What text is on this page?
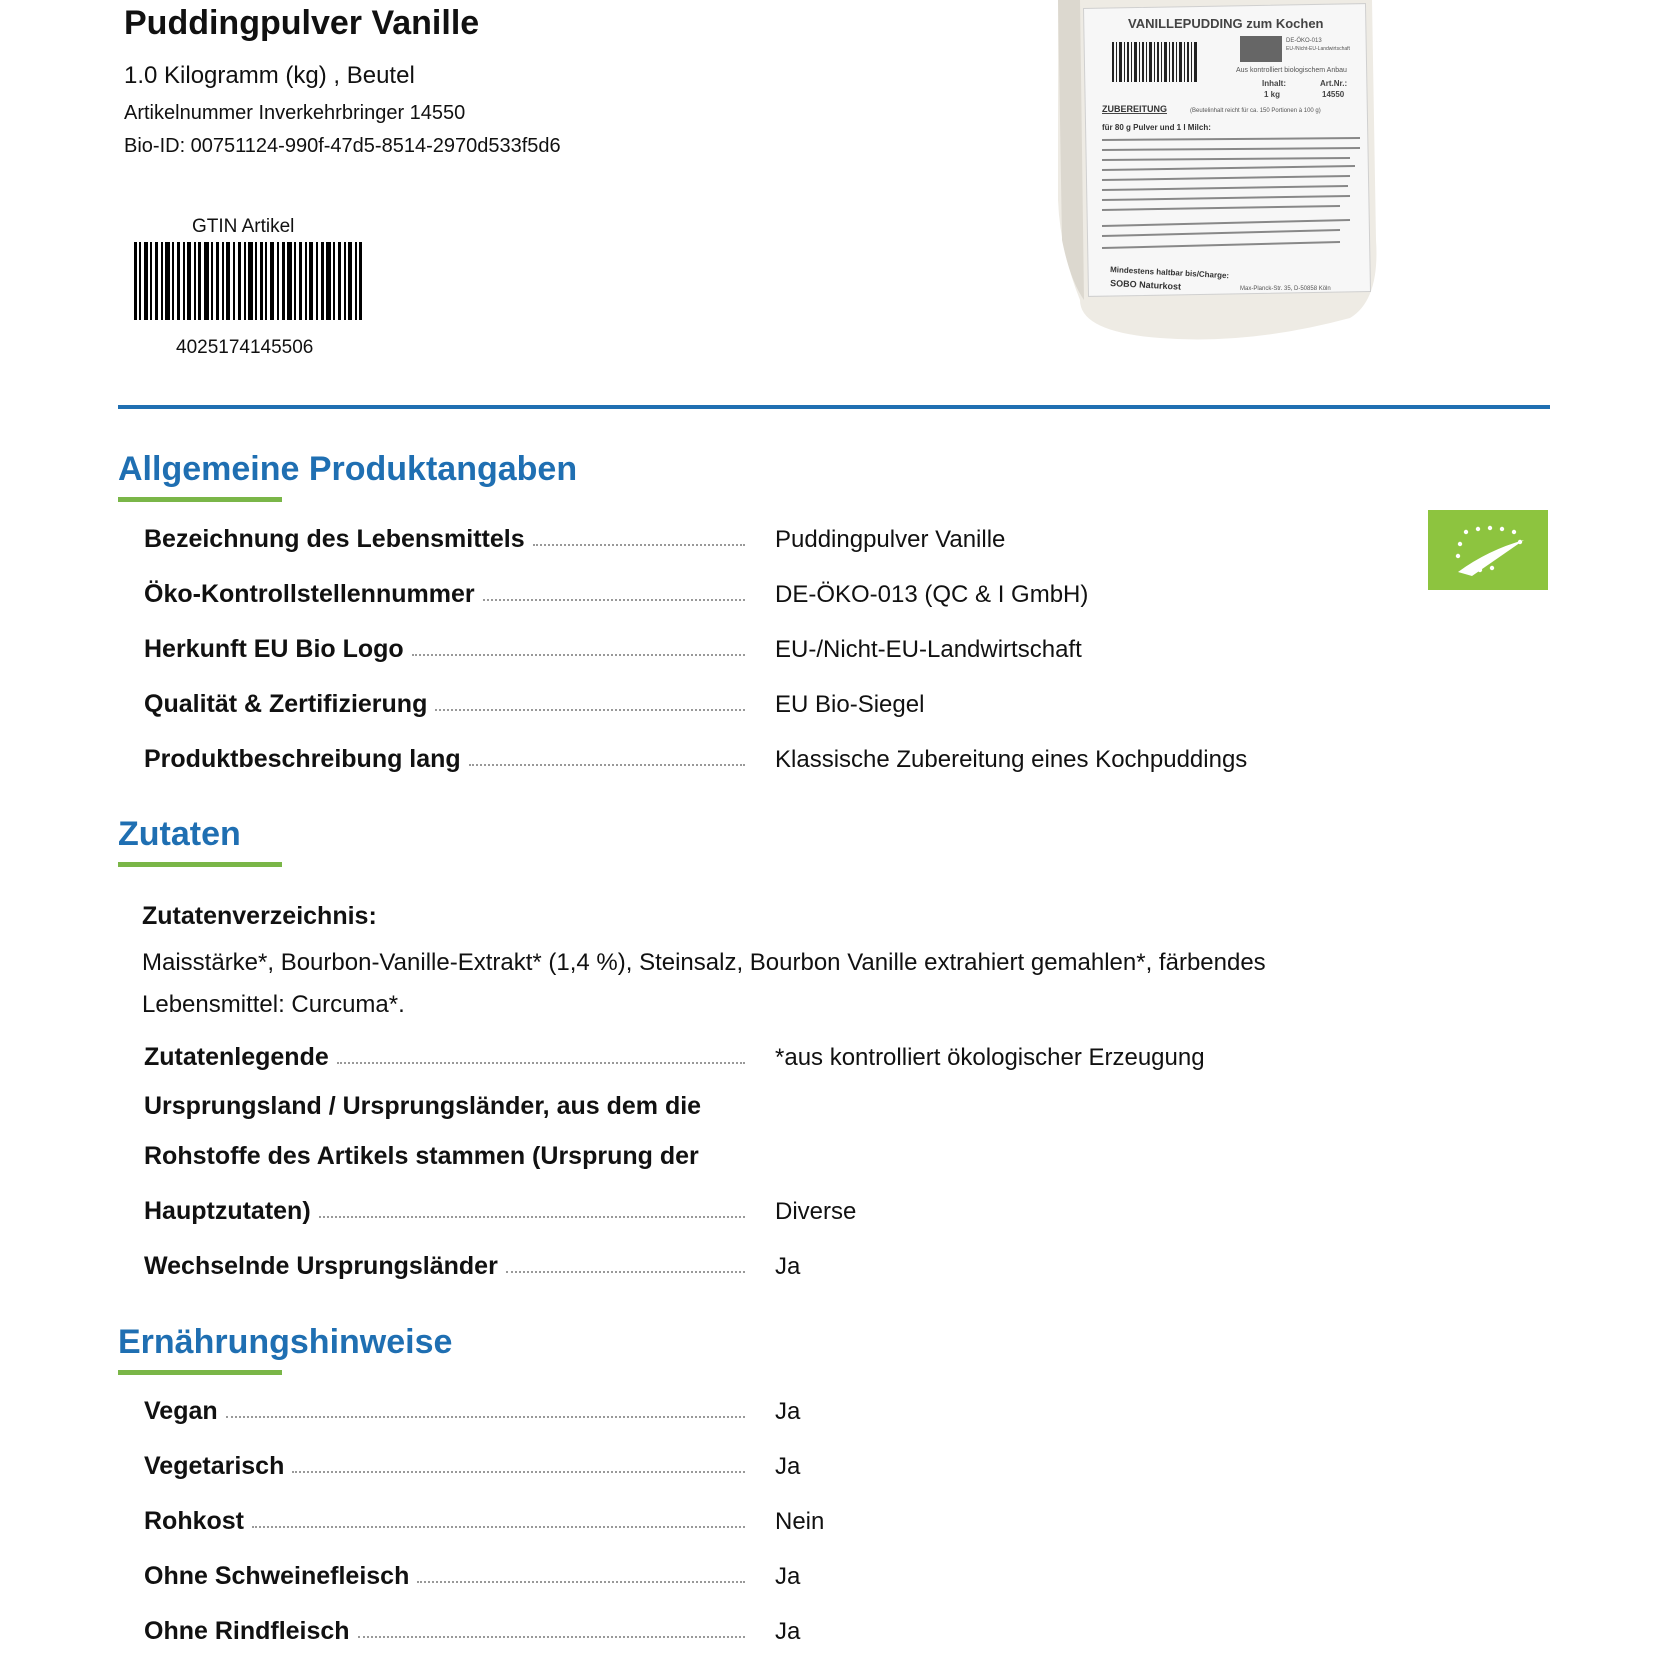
Puddingpulver Vanille
1.0 Kilogramm (kg) , Beutel
Artikelnummer Inverkehrbringer 14550
Bio-ID: 00751124-990f-47d5-8514-2970d533f5d6
GTIN Artikel
4025174145506
VANILLEPUDDING zum Kochen
DE-ÖKO-013
EU-/Nicht-EU-Landwirtschaft
Aus kontrolliert biologischem Anbau
Inhalt:	Art.Nr.:
1 kg	14550
ZUBEREITUNG	(Beutelinhalt reicht für ca. 150 Portionen à 100 g)
für 80 g Pulver und 1 l Milch:
Mindestens haltbar bis/Charge:
SOBO Naturkost	Max-Planck-Str. 35, D-50858 Köln
Allgemeine Produktangaben
Bezeichnung des Lebensmittels	Puddingpulver Vanille
Öko-Kontrollstellennummer	DE-ÖKO-013 (QC & I GmbH)
Herkunft EU Bio Logo	EU-/Nicht-EU-Landwirtschaft
Qualität & Zertifizierung	EU Bio-Siegel
Produktbeschreibung lang	Klassische Zubereitung eines Kochpuddings
Zutaten
Zutatenverzeichnis:
Maisstärke*, Bourbon-Vanille-Extrakt* (1,4 %), Steinsalz, Bourbon Vanille extrahiert gemahlen*, färbendes Lebensmittel: Curcuma*.
Zutatenlegende	*aus kontrolliert ökologischer Erzeugung
Ursprungsland / Ursprungsländer, aus dem die
Rohstoffe des Artikels stammen (Ursprung der
Hauptzutaten)	Diverse
Wechselnde Ursprungsländer	Ja
Ernährungshinweise
Vegan	Ja
Vegetarisch	Ja
Rohkost	Nein
Ohne Schweinefleisch	Ja
Ohne Rindfleisch	Ja
